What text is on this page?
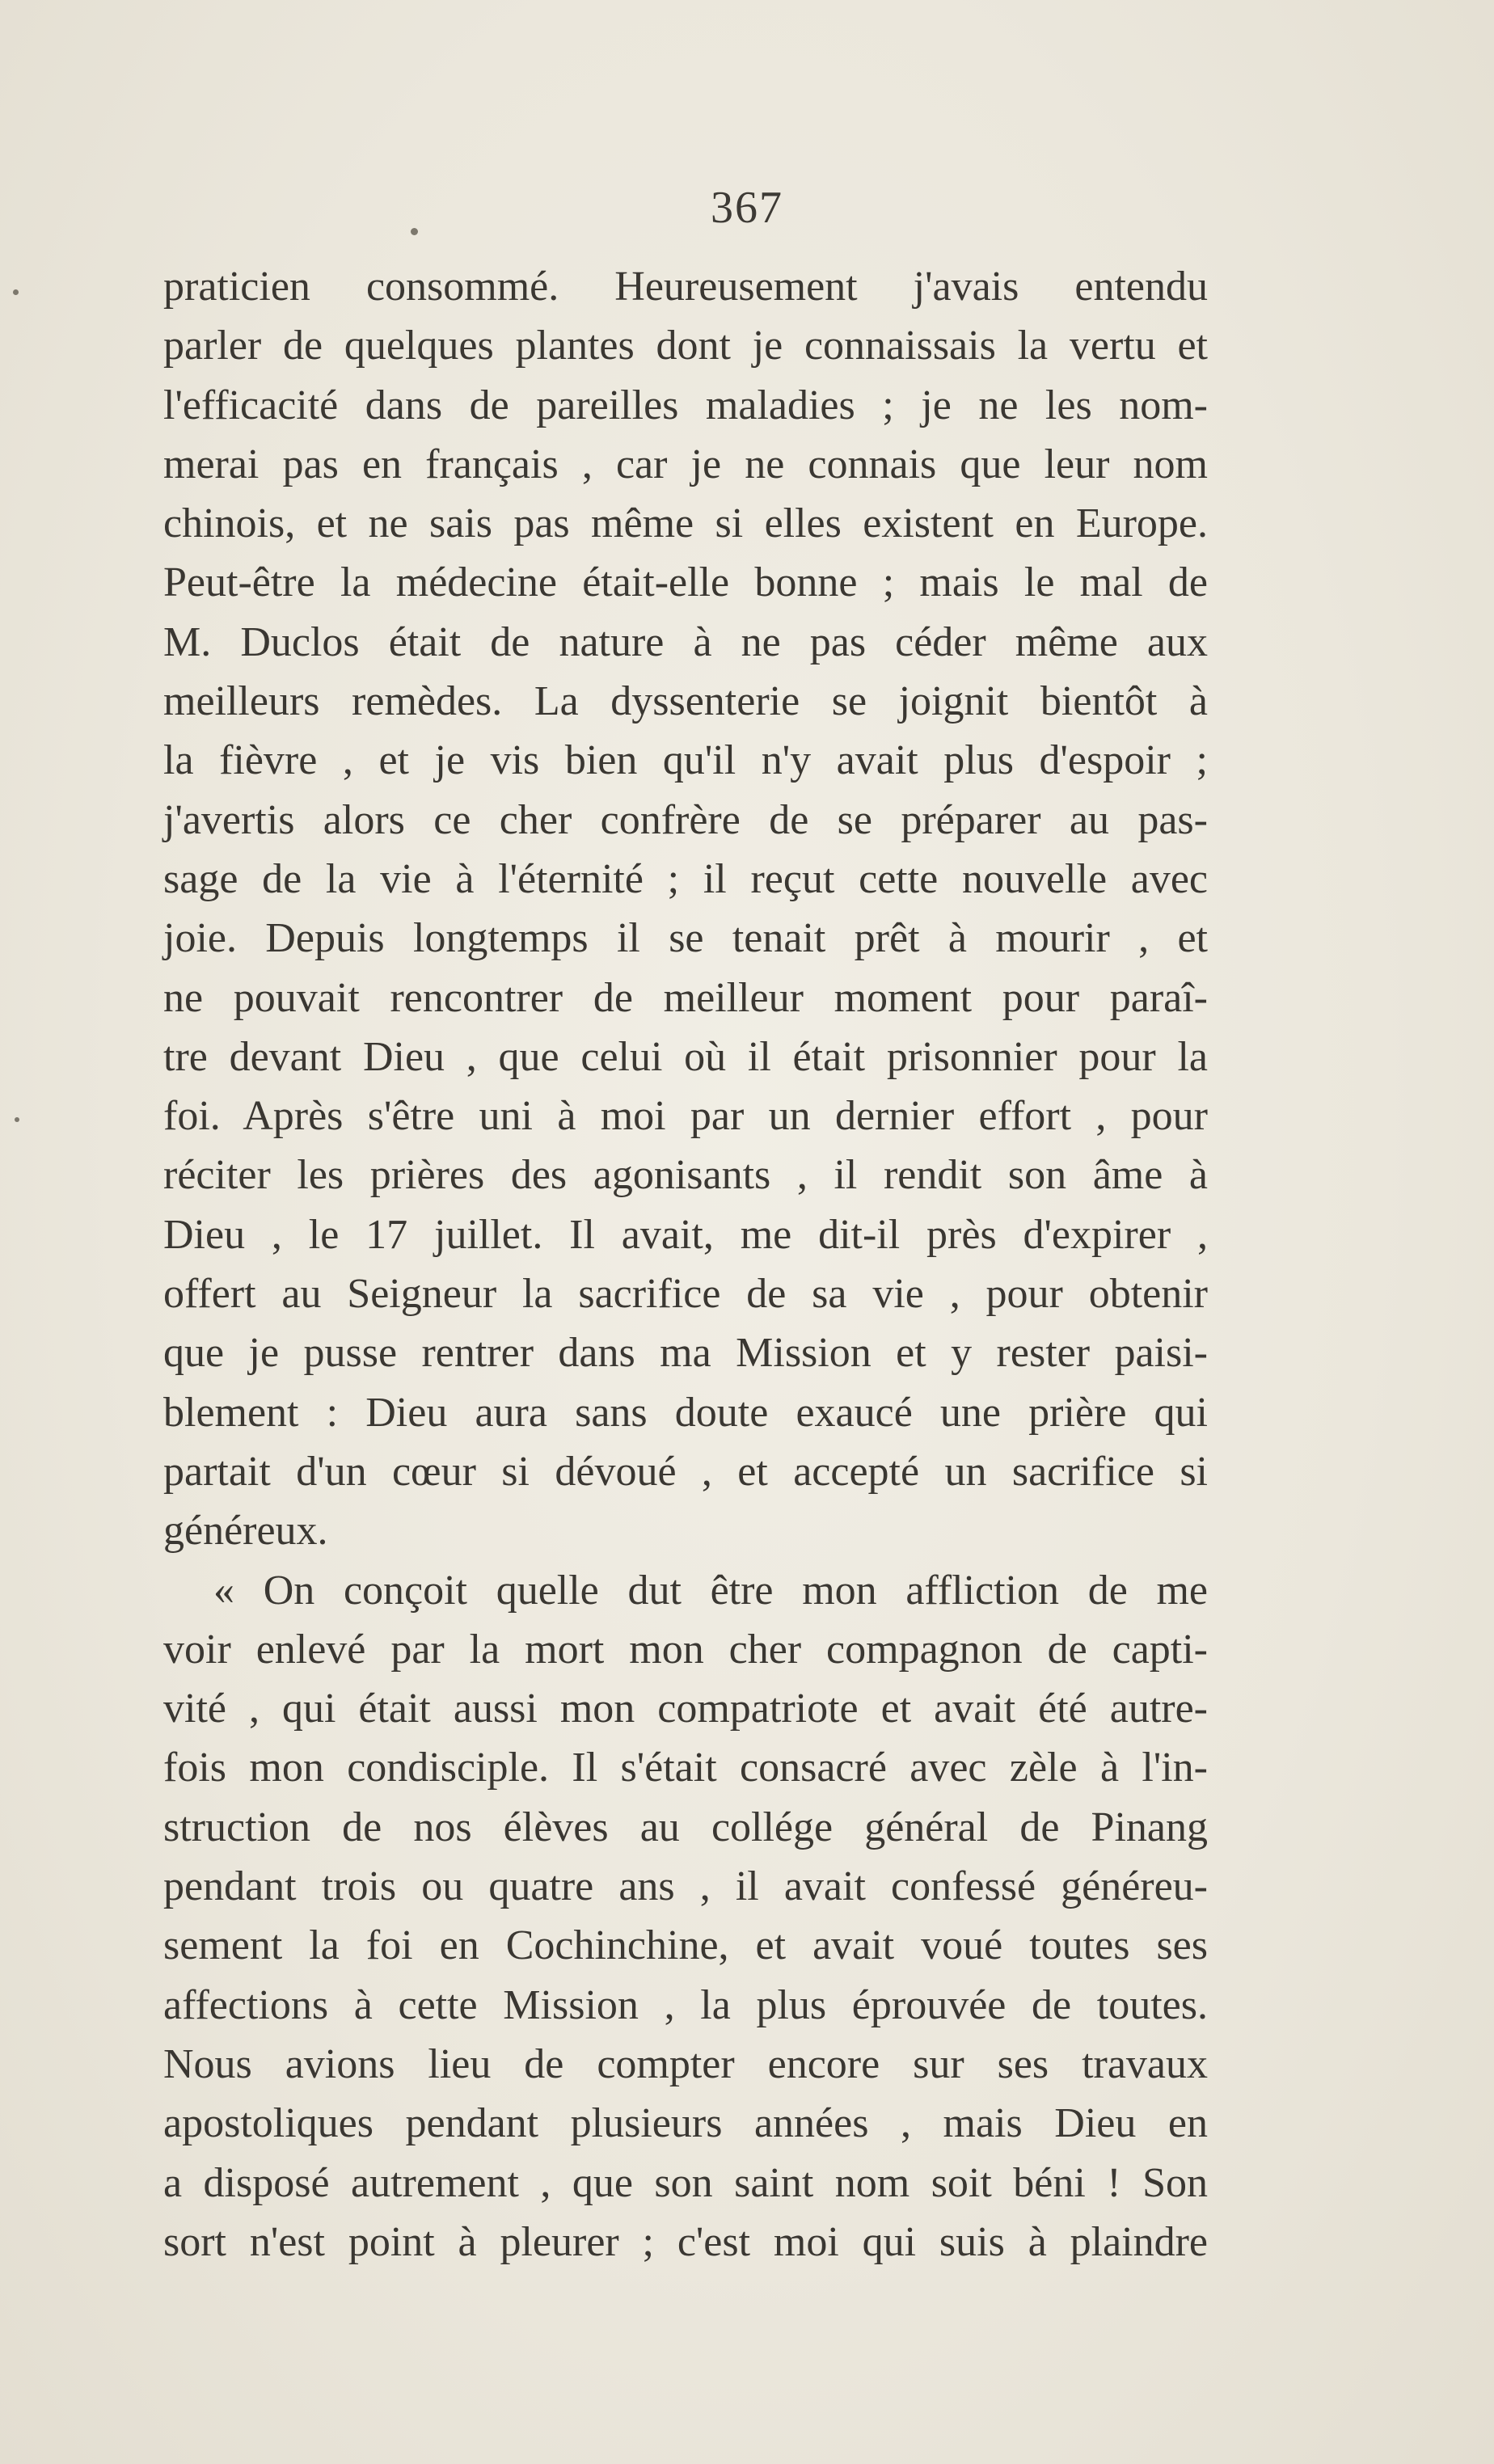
367
praticien consommé. Heureusement j'avais entendu
parler de quelques plantes dont je connaissais la vertu et
l'efficacité dans de pareilles maladies ; je ne les nom-
merai pas en français , car je ne connais que leur nom
chinois, et ne sais pas même si elles existent en Europe.
Peut-être la médecine était-elle bonne ; mais le mal de
M. Duclos était de nature à ne pas céder même aux
meilleurs remèdes. La dyssenterie se joignit bientôt à
la fièvre , et je vis bien qu'il n'y avait plus d'espoir ;
j'avertis alors ce cher confrère de se préparer au pas-
sage de la vie à l'éternité ; il reçut cette nouvelle avec
joie. Depuis longtemps il se tenait prêt à mourir , et
ne pouvait rencontrer de meilleur moment pour paraî-
tre devant Dieu , que celui où il était prisonnier pour la
foi. Après s'être uni à moi par un dernier effort , pour
réciter les prières des agonisants , il rendit son âme à
Dieu , le 17 juillet. Il avait, me dit-il près d'expirer ,
offert au Seigneur la sacrifice de sa vie , pour obtenir
que je pusse rentrer dans ma Mission et y rester paisi-
blement : Dieu aura sans doute exaucé une prière qui
partait d'un cœur si dévoué , et accepté un sacrifice si
généreux.
« On conçoit quelle dut être mon affliction de me
voir enlevé par la mort mon cher compagnon de capti-
vité , qui était aussi mon compatriote et avait été autre-
fois mon condisciple. Il s'était consacré avec zèle à l'in-
struction de nos élèves au collége général de Pinang
pendant trois ou quatre ans , il avait confessé généreu-
sement la foi en Cochinchine, et avait voué toutes ses
affections à cette Mission , la plus éprouvée de toutes.
Nous avions lieu de compter encore sur ses travaux
apostoliques pendant plusieurs années , mais Dieu en
a disposé autrement , que son saint nom soit béni ! Son
sort n'est point à pleurer ; c'est moi qui suis à plaindre
